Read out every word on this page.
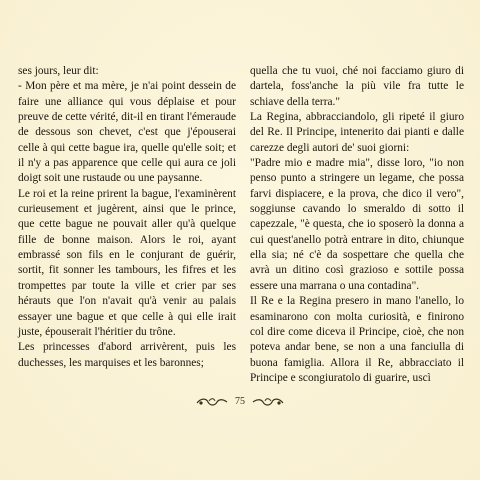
ses jours, leur dit:

- Mon père et ma mère, je n'ai point dessein de faire une alliance qui vous déplaise et pour preuve de cette vérité, dit-il en tirant l'émeraude de dessous son chevet, c'est que j'épouserai celle à qui cette bague ira, quelle qu'elle soit; et il n'y a pas apparence que celle qui aura ce joli doigt soit une rustaude ou une paysanne.

Le roi et la reine prirent la bague, l'examinèrent curieusement et jugèrent, ainsi que le prince, que cette bague ne pouvait aller qu'à quelque fille de bonne maison. Alors le roi, ayant embrassé son fils en le conjurant de guérir, sortit, fit sonner les tambours, les fifres et les trompettes par toute la ville et crier par ses hérauts que l'on n'avait qu'à venir au palais essayer une bague et que celle à qui elle irait juste, épouserait l'héritier du trône.

Les princesses d'abord arrivèrent, puis les duchesses, les marquises et les baronnes;

quella che tu vuoi, ché noi facciamo giuro di dartela, foss'anche la più vile fra tutte le schiave della terra."

La Regina, abbracciandolo, gli ripeté il giuro del Re. Il Principe, intenerito dai pianti e dalle carezze degli autori de' suoi giorni:

"Padre mio e madre mia", disse loro, "io non penso punto a stringere un legame, che possa farvi dispiacere, e la prova, che dico il vero", soggiunse cavando lo smeraldo di sotto il capezzale, "è questa, che io sposerò la donna a cui quest'anello potrà entrare in dito, chiunque ella sia; né c'è da sospettare che quella che avrà un ditino così grazioso e sottile possa essere una marrana o una contadina".

Il Re e la Regina presero in mano l'anello, lo esaminarono con molta curiosità, e finirono col dire come diceva il Principe, cioè, che non poteva andar bene, se non a una fanciulla di buona famiglia. Allora il Re, abbracciato il Principe e scongiuratolo di guarire, uscì

75
